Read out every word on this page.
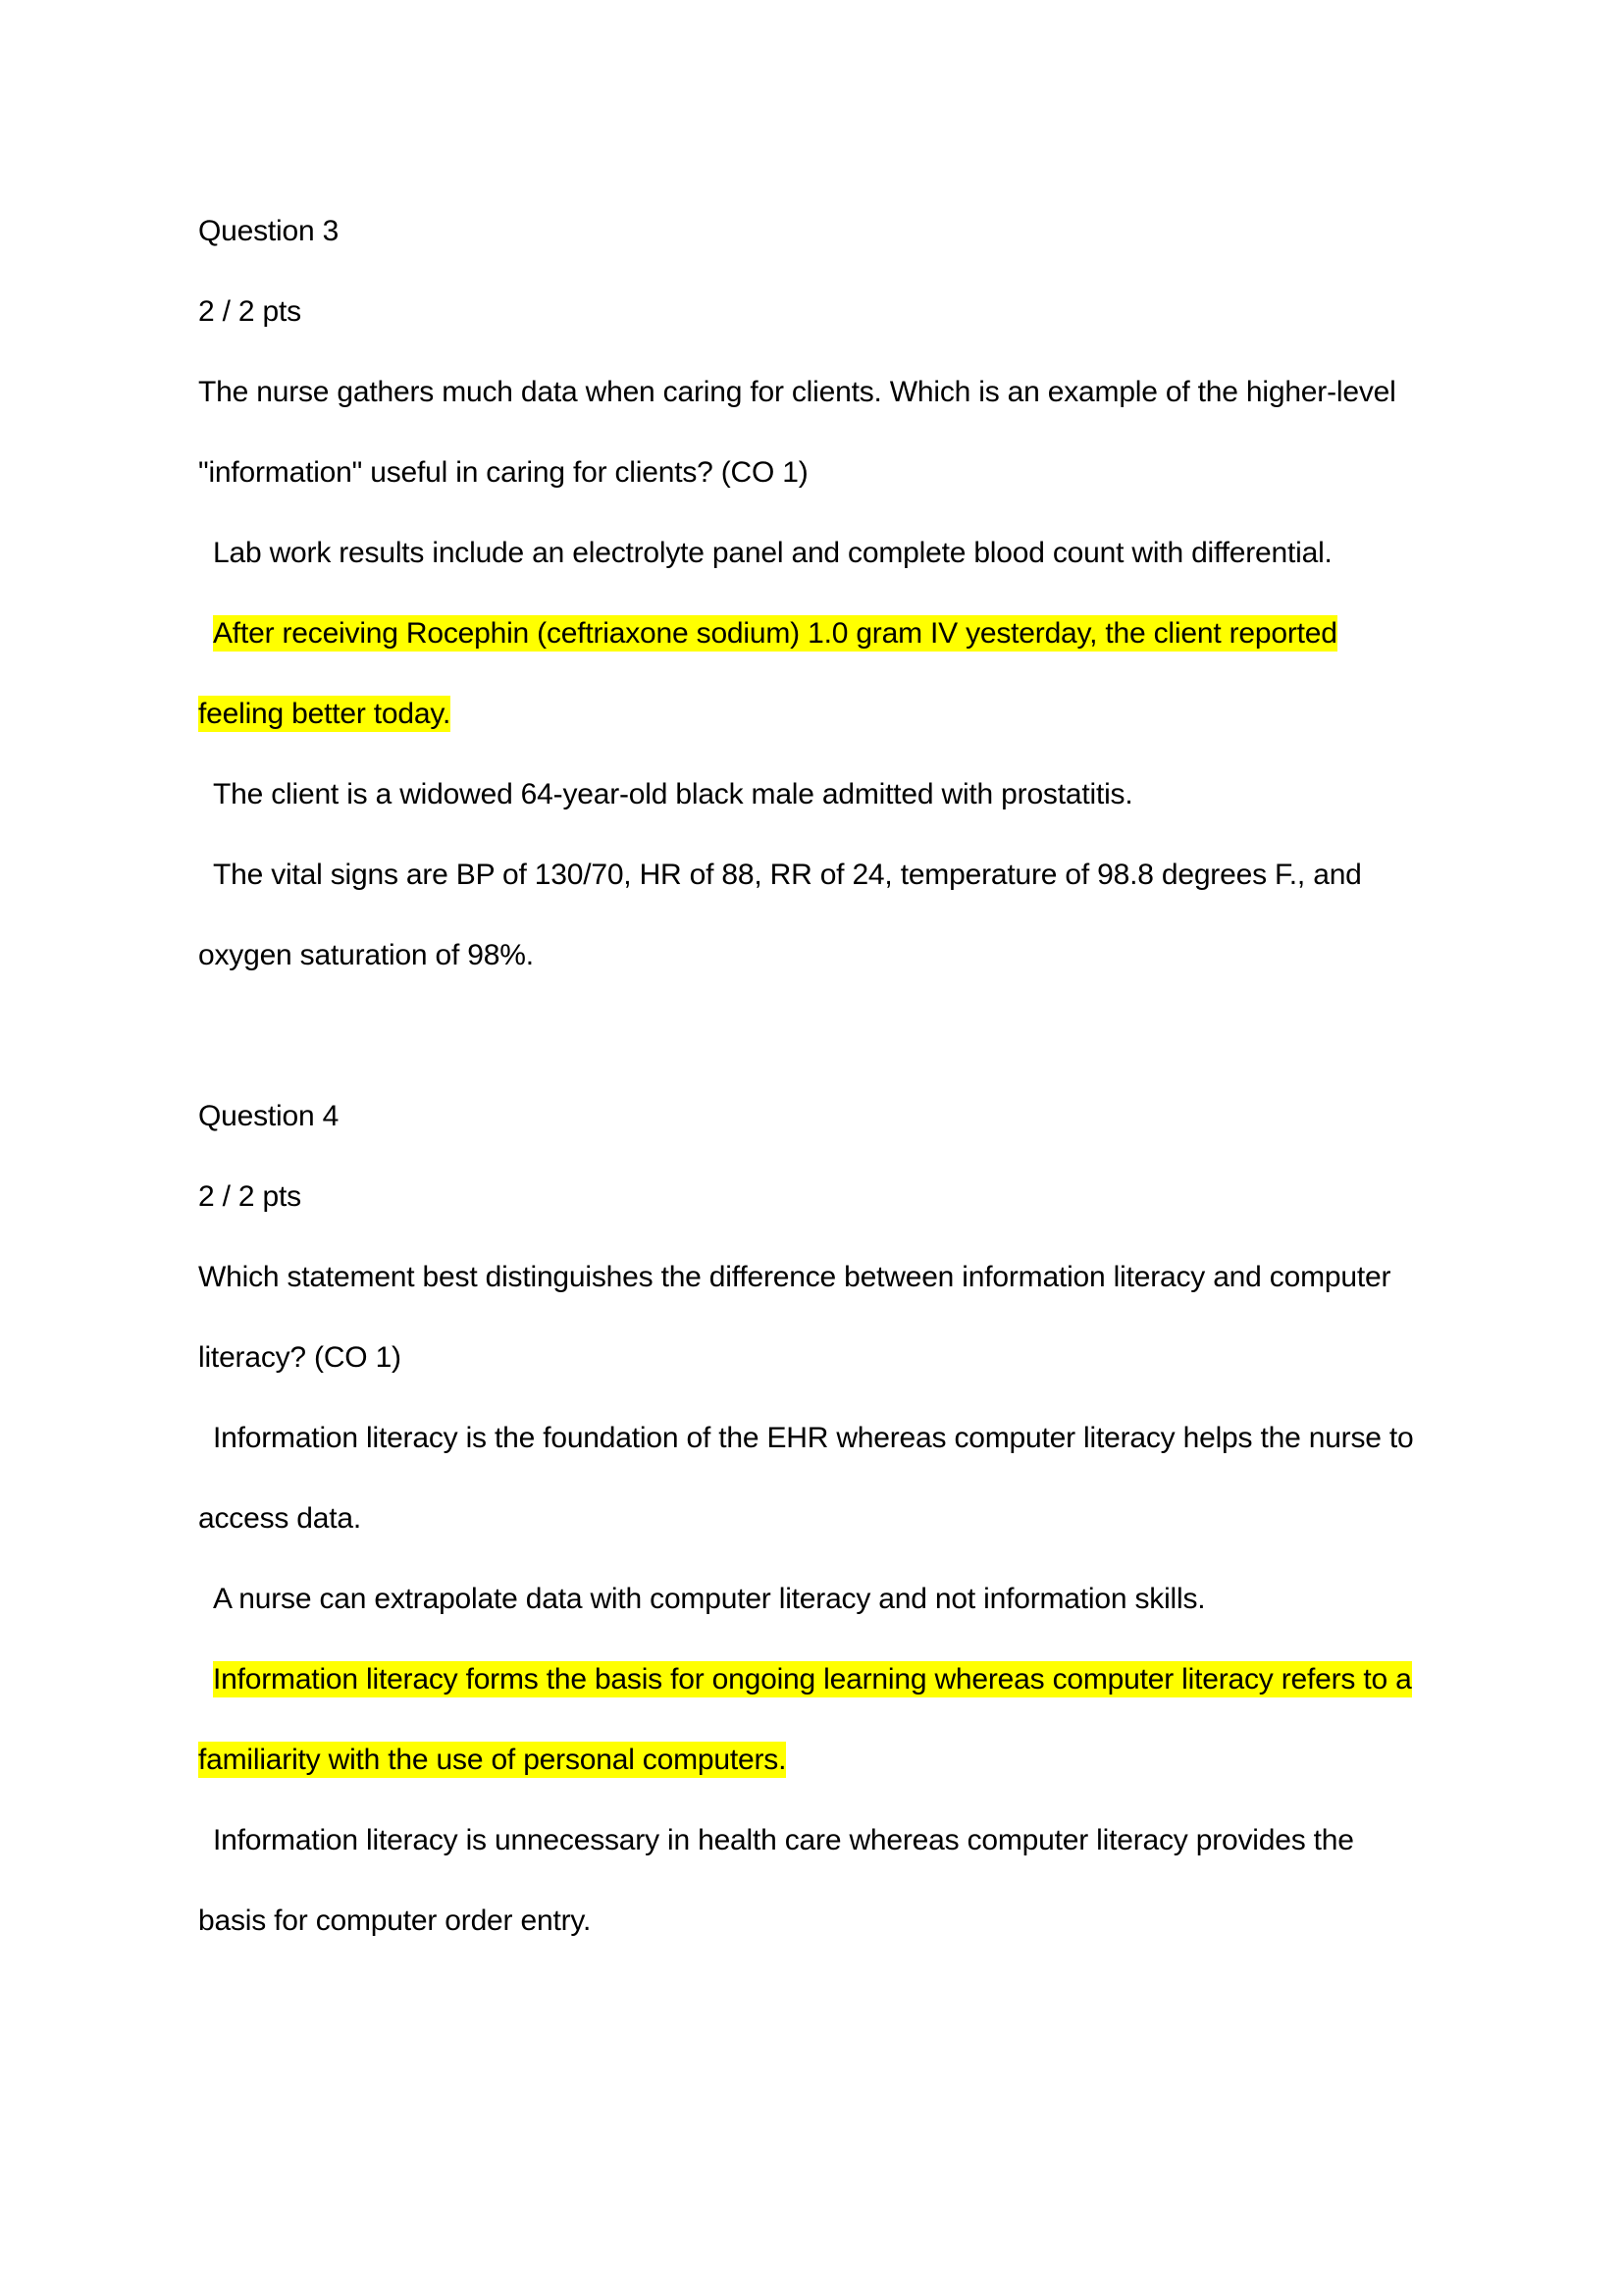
Question 3
2 / 2 pts
The nurse gathers much data when caring for clients. Which is an example of the higher-level
"information" useful in caring for clients? (CO 1)
Lab work results include an electrolyte panel and complete blood count with differential.
After receiving Rocephin (ceftriaxone sodium) 1.0 gram IV yesterday, the client reported
feeling better today.
The client is a widowed 64-year-old black male admitted with prostatitis.
The vital signs are BP of 130/70, HR of 88, RR of 24, temperature of 98.8 degrees F., and
oxygen saturation of 98%.
Question 4
2 / 2 pts
Which statement best distinguishes the difference between information literacy and computer
literacy? (CO 1)
Information literacy is the foundation of the EHR whereas computer literacy helps the nurse to
access data.
A nurse can extrapolate data with computer literacy and not information skills.
Information literacy forms the basis for ongoing learning whereas computer literacy refers to a
familiarity with the use of personal computers.
Information literacy is unnecessary in health care whereas computer literacy provides the
basis for computer order entry.
